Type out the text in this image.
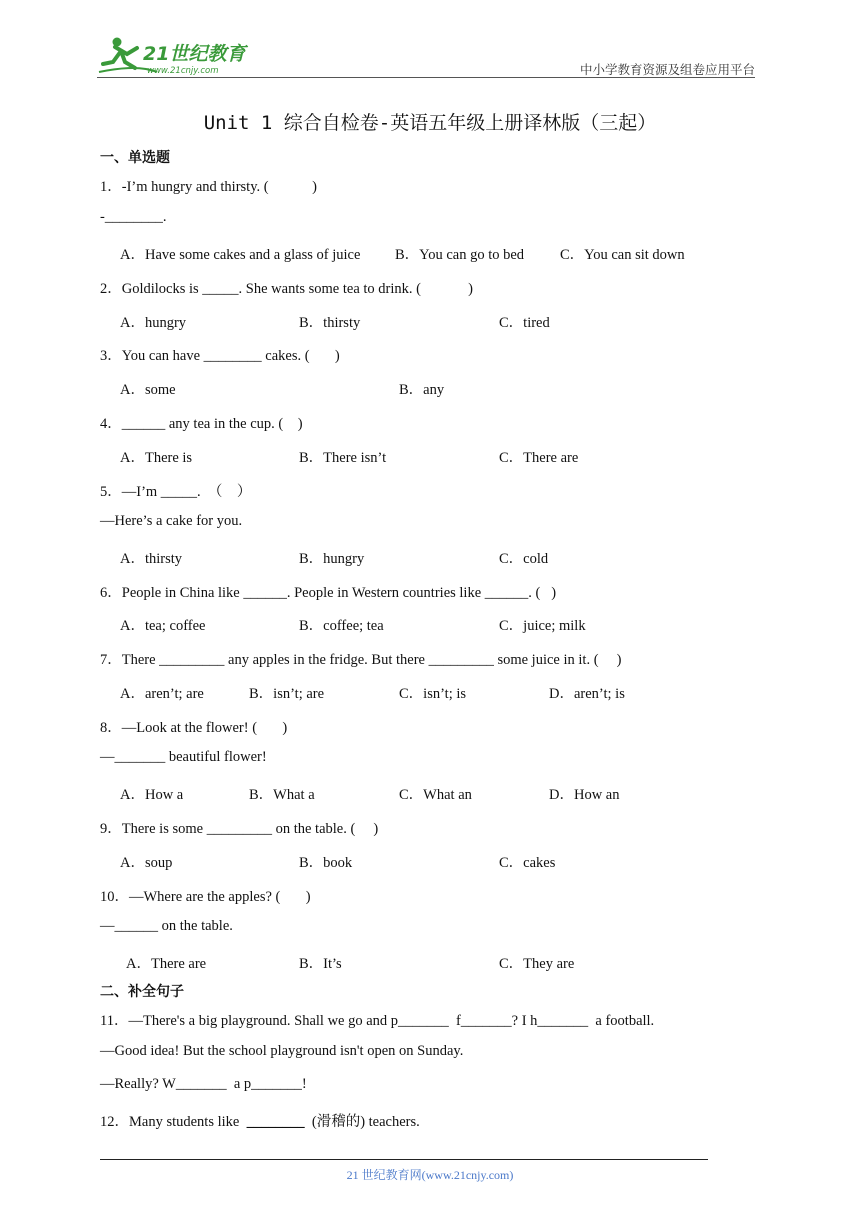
21世纪教育
www.21cnjy.com	中小学教育资源及组卷应用平台
Unit 1 综合自检卷-英语五年级上册译林版（三起）
一、单选题
1．-I’m hungry and thirsty. (            )
-________.
A．Have some cakes and a glass of juice B．You can go to bed C．You can sit down
2．Goldilocks is _____. She wants some tea to drink. (             )
A．hungry	B．thirsty	C．tired
3．You can have ________ cakes. (       )
A．some	B．any
4．______ any tea in the cup. (    )
A．There is	B．There isn’t	C．There are
5．—I’m _____.  （    ）
—Here’s a cake for you.
A．thirsty	B．hungry	C．cold
6．People in China like ______. People in Western countries like ______. (   )
A．tea; coffee	B．coffee; tea	C．juice; milk
7．There _________ any apples in the fridge. But there _________ some juice in it. (     )
A．aren’t; are	B．isn’t; are	C．isn’t; is	D．aren’t; is
8．—Look at the flower! (       )
—_______ beautiful flower!
A．How a	B．What a	C．What an	D．How an
9．There is some _________ on the table. (     )
A．soup	B．book	C．cakes
10．—Where are the apples? (       )
—______ on the table.
A．There are	B．It’s	C．They are
二、补全句子
11．—There's a big playground. Shall we go and p_______  f_______? I h_______  a football.
—Good idea! But the school playground isn't open on Sunday.
—Really? W_______  a p_______!
12．Many students like  ________  (滑稽的) teachers.
21 世纪教育网(www.21cnjy.com)
